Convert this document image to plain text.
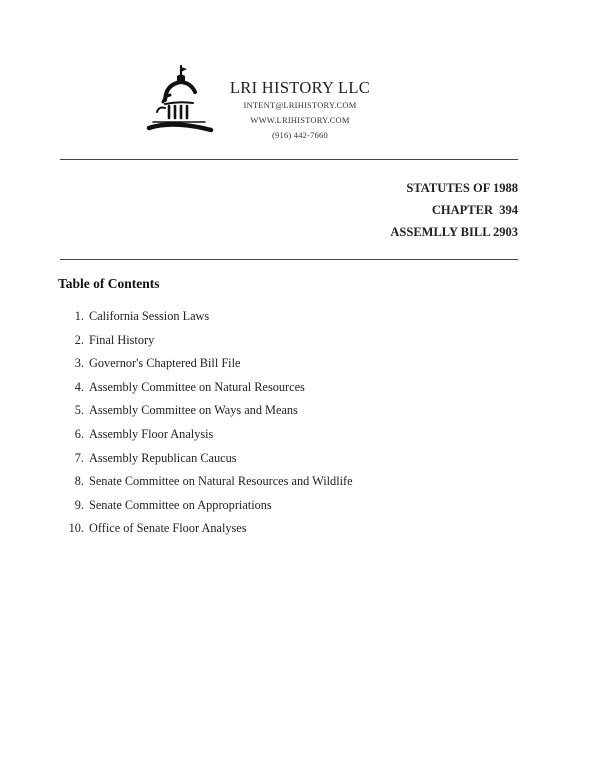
LRI HISTORY LLC
INTENT@LRIHISTORY.COM
WWW.LRIHISTORY.COM
(916) 442-7660
STATUTES OF 1988
CHAPTER  394
ASSEMLLY BILL 2903
Table of Contents
1. California Session Laws
2. Final History
3. Governor's Chaptered Bill File
4. Assembly Committee on Natural Resources
5. Assembly Committee on Ways and Means
6. Assembly Floor Analysis
7. Assembly Republican Caucus
8. Senate Committee on Natural Resources and Wildlife
9. Senate Committee on Appropriations
10. Office of Senate Floor Analyses
